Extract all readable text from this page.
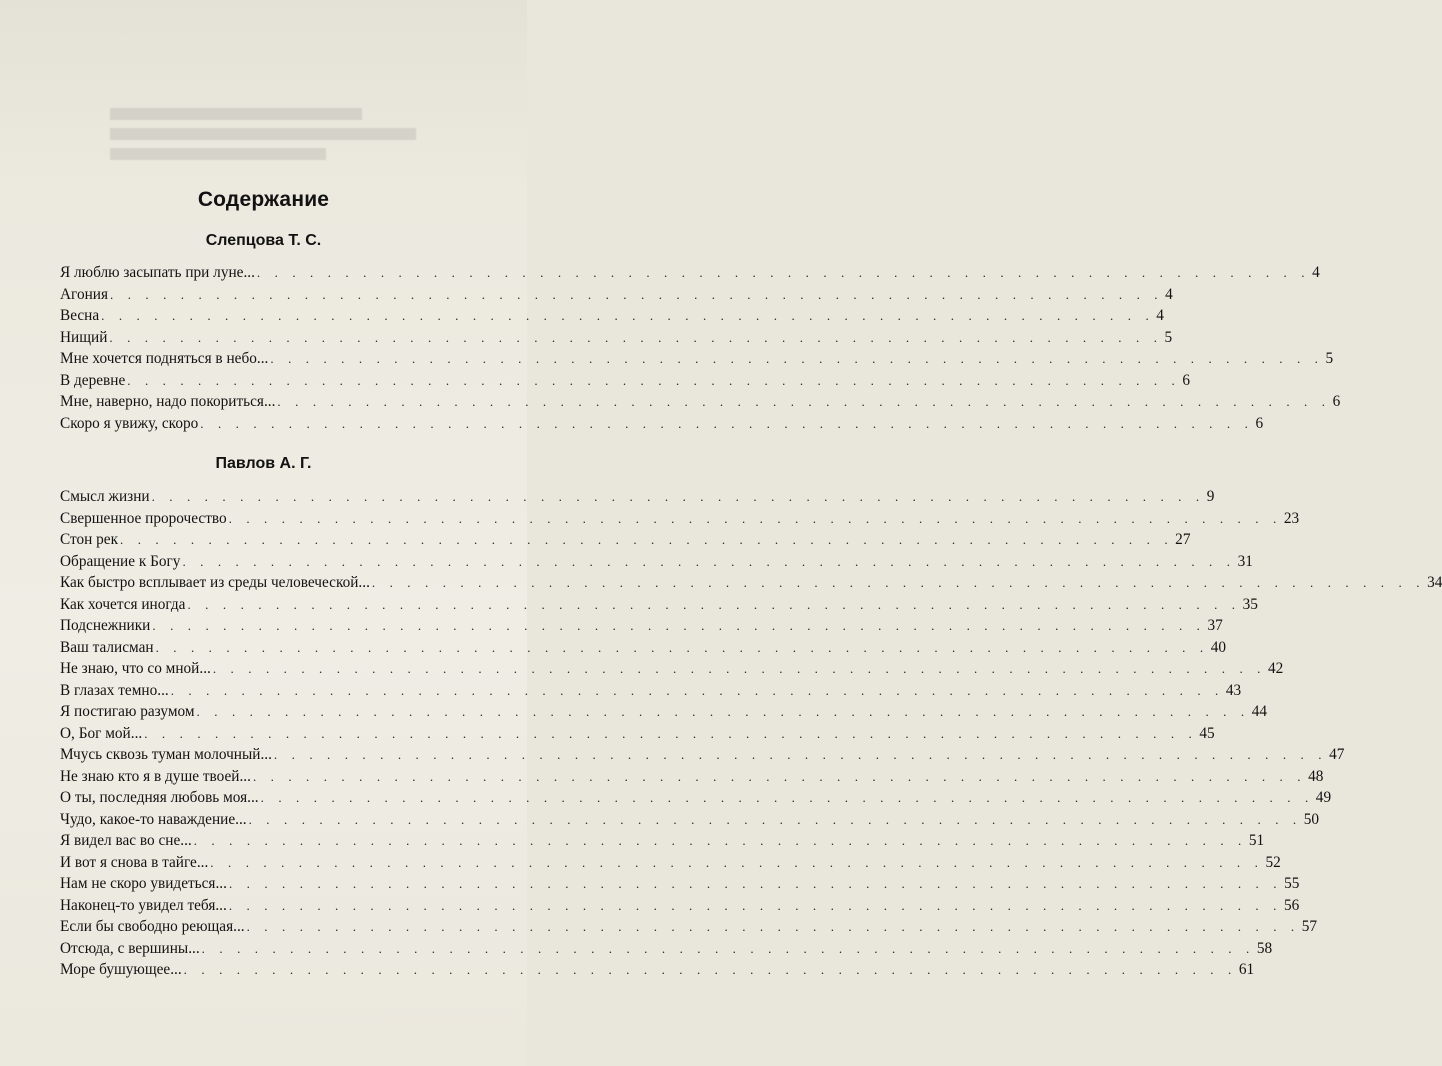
Содержание
Слепцова Т. С.
Я люблю засыпать при луне... . . . . . . . . . . . . . . . . . . . . . . . . . . . . . . . . . . . . . . . . . . . . . . . . . . . . . . . . . . . . 4
Агония . . . . . . . . . . . . . . . . . . . . . . . . . . . . . . . . . . . . . . . . . . . . . . . . . . . . . . . . . . . . 4
Весна . . . . . . . . . . . . . . . . . . . . . . . . . . . . . . . . . . . . . . . . . . . . . . . . . . . . . . . . . . . . 4
Нищий . . . . . . . . . . . . . . . . . . . . . . . . . . . . . . . . . . . . . . . . . . . . . . . . . . . . . . . . . . . . 5
Мне хочется подняться в небо... . . . . . . . . . . . . . . . . . . . . . . . . . . . . . . . . . . . . . . . . . . . . . . . . . . . . . . . . . . . . 5
В деревне . . . . . . . . . . . . . . . . . . . . . . . . . . . . . . . . . . . . . . . . . . . . . . . . . . . . . . . . . . . . 6
Мне, наверно, надо покориться... . . . . . . . . . . . . . . . . . . . . . . . . . . . . . . . . . . . . . . . . . . . . . . . . . . . . . . . . . . . . 6
Скоро я увижу, скоро . . . . . . . . . . . . . . . . . . . . . . . . . . . . . . . . . . . . . . . . . . . . . . . . . . . . . . . . . . . . 6
Павлов А. Г.
Смысл жизни . . . . . . . . . . . . . . . . . . . . . . . . . . . . . . . . . . . . . . . . . . . . . . . . . . . . . . . . . . . . 9
Свершенное пророчество . . . . . . . . . . . . . . . . . . . . . . . . . . . . . . . . . . . . . . . . . . . . . . . . . . . . . . . . . . . . 23
Стон рек . . . . . . . . . . . . . . . . . . . . . . . . . . . . . . . . . . . . . . . . . . . . . . . . . . . . . . . . . . . . 27
Обращение к Богу . . . . . . . . . . . . . . . . . . . . . . . . . . . . . . . . . . . . . . . . . . . . . . . . . . . . . . . . . . . . 31
Как быстро всплывает из среды человеческой... . . . . . . . . . . . . . . . . . . . . . . . . . . . . . . . . . . . . . . . . . . . . . . . . . . . . . . . . . . . . 34
Как хочется иногда . . . . . . . . . . . . . . . . . . . . . . . . . . . . . . . . . . . . . . . . . . . . . . . . . . . . . . . . . . . . 35
Подснежники . . . . . . . . . . . . . . . . . . . . . . . . . . . . . . . . . . . . . . . . . . . . . . . . . . . . . . . . . . . . 37
Ваш талисман . . . . . . . . . . . . . . . . . . . . . . . . . . . . . . . . . . . . . . . . . . . . . . . . . . . . . . . . . . . . 40
Не знаю, что со мной... . . . . . . . . . . . . . . . . . . . . . . . . . . . . . . . . . . . . . . . . . . . . . . . . . . . . . . . . . . . . 42
В глазах темно... . . . . . . . . . . . . . . . . . . . . . . . . . . . . . . . . . . . . . . . . . . . . . . . . . . . . . . . . . . . . 43
Я постигаю разумом . . . . . . . . . . . . . . . . . . . . . . . . . . . . . . . . . . . . . . . . . . . . . . . . . . . . . . . . . . . . 44
О, Бог мой... . . . . . . . . . . . . . . . . . . . . . . . . . . . . . . . . . . . . . . . . . . . . . . . . . . . . . . . . . . . . 45
Мчусь сквозь туман молочный... . . . . . . . . . . . . . . . . . . . . . . . . . . . . . . . . . . . . . . . . . . . . . . . . . . . . . . . . . . . . 47
Не знаю кто я в душе твоей... . . . . . . . . . . . . . . . . . . . . . . . . . . . . . . . . . . . . . . . . . . . . . . . . . . . . . . . . . . . . 48
О ты, последняя любовь моя... . . . . . . . . . . . . . . . . . . . . . . . . . . . . . . . . . . . . . . . . . . . . . . . . . . . . . . . . . . . . 49
Чудо, какое-то наваждение... . . . . . . . . . . . . . . . . . . . . . . . . . . . . . . . . . . . . . . . . . . . . . . . . . . . . . . . . . . . . 50
Я видел вас во сне... . . . . . . . . . . . . . . . . . . . . . . . . . . . . . . . . . . . . . . . . . . . . . . . . . . . . . . . . . . . . 51
И вот я снова в тайге... . . . . . . . . . . . . . . . . . . . . . . . . . . . . . . . . . . . . . . . . . . . . . . . . . . . . . . . . . . . . 52
Нам не скоро увидеться... . . . . . . . . . . . . . . . . . . . . . . . . . . . . . . . . . . . . . . . . . . . . . . . . . . . . . . . . . . . . 55
Наконец-то увидел тебя... . . . . . . . . . . . . . . . . . . . . . . . . . . . . . . . . . . . . . . . . . . . . . . . . . . . . . . . . . . . . 56
Если бы свободно реющая... . . . . . . . . . . . . . . . . . . . . . . . . . . . . . . . . . . . . . . . . . . . . . . . . . . . . . . . . . . . . 57
Отсюда, с вершины... . . . . . . . . . . . . . . . . . . . . . . . . . . . . . . . . . . . . . . . . . . . . . . . . . . . . . . . . . . . . 58
Море бушующее... . . . . . . . . . . . . . . . . . . . . . . . . . . . . . . . . . . . . . . . . . . . . . . . . . . . . . . . . . . . . 61
